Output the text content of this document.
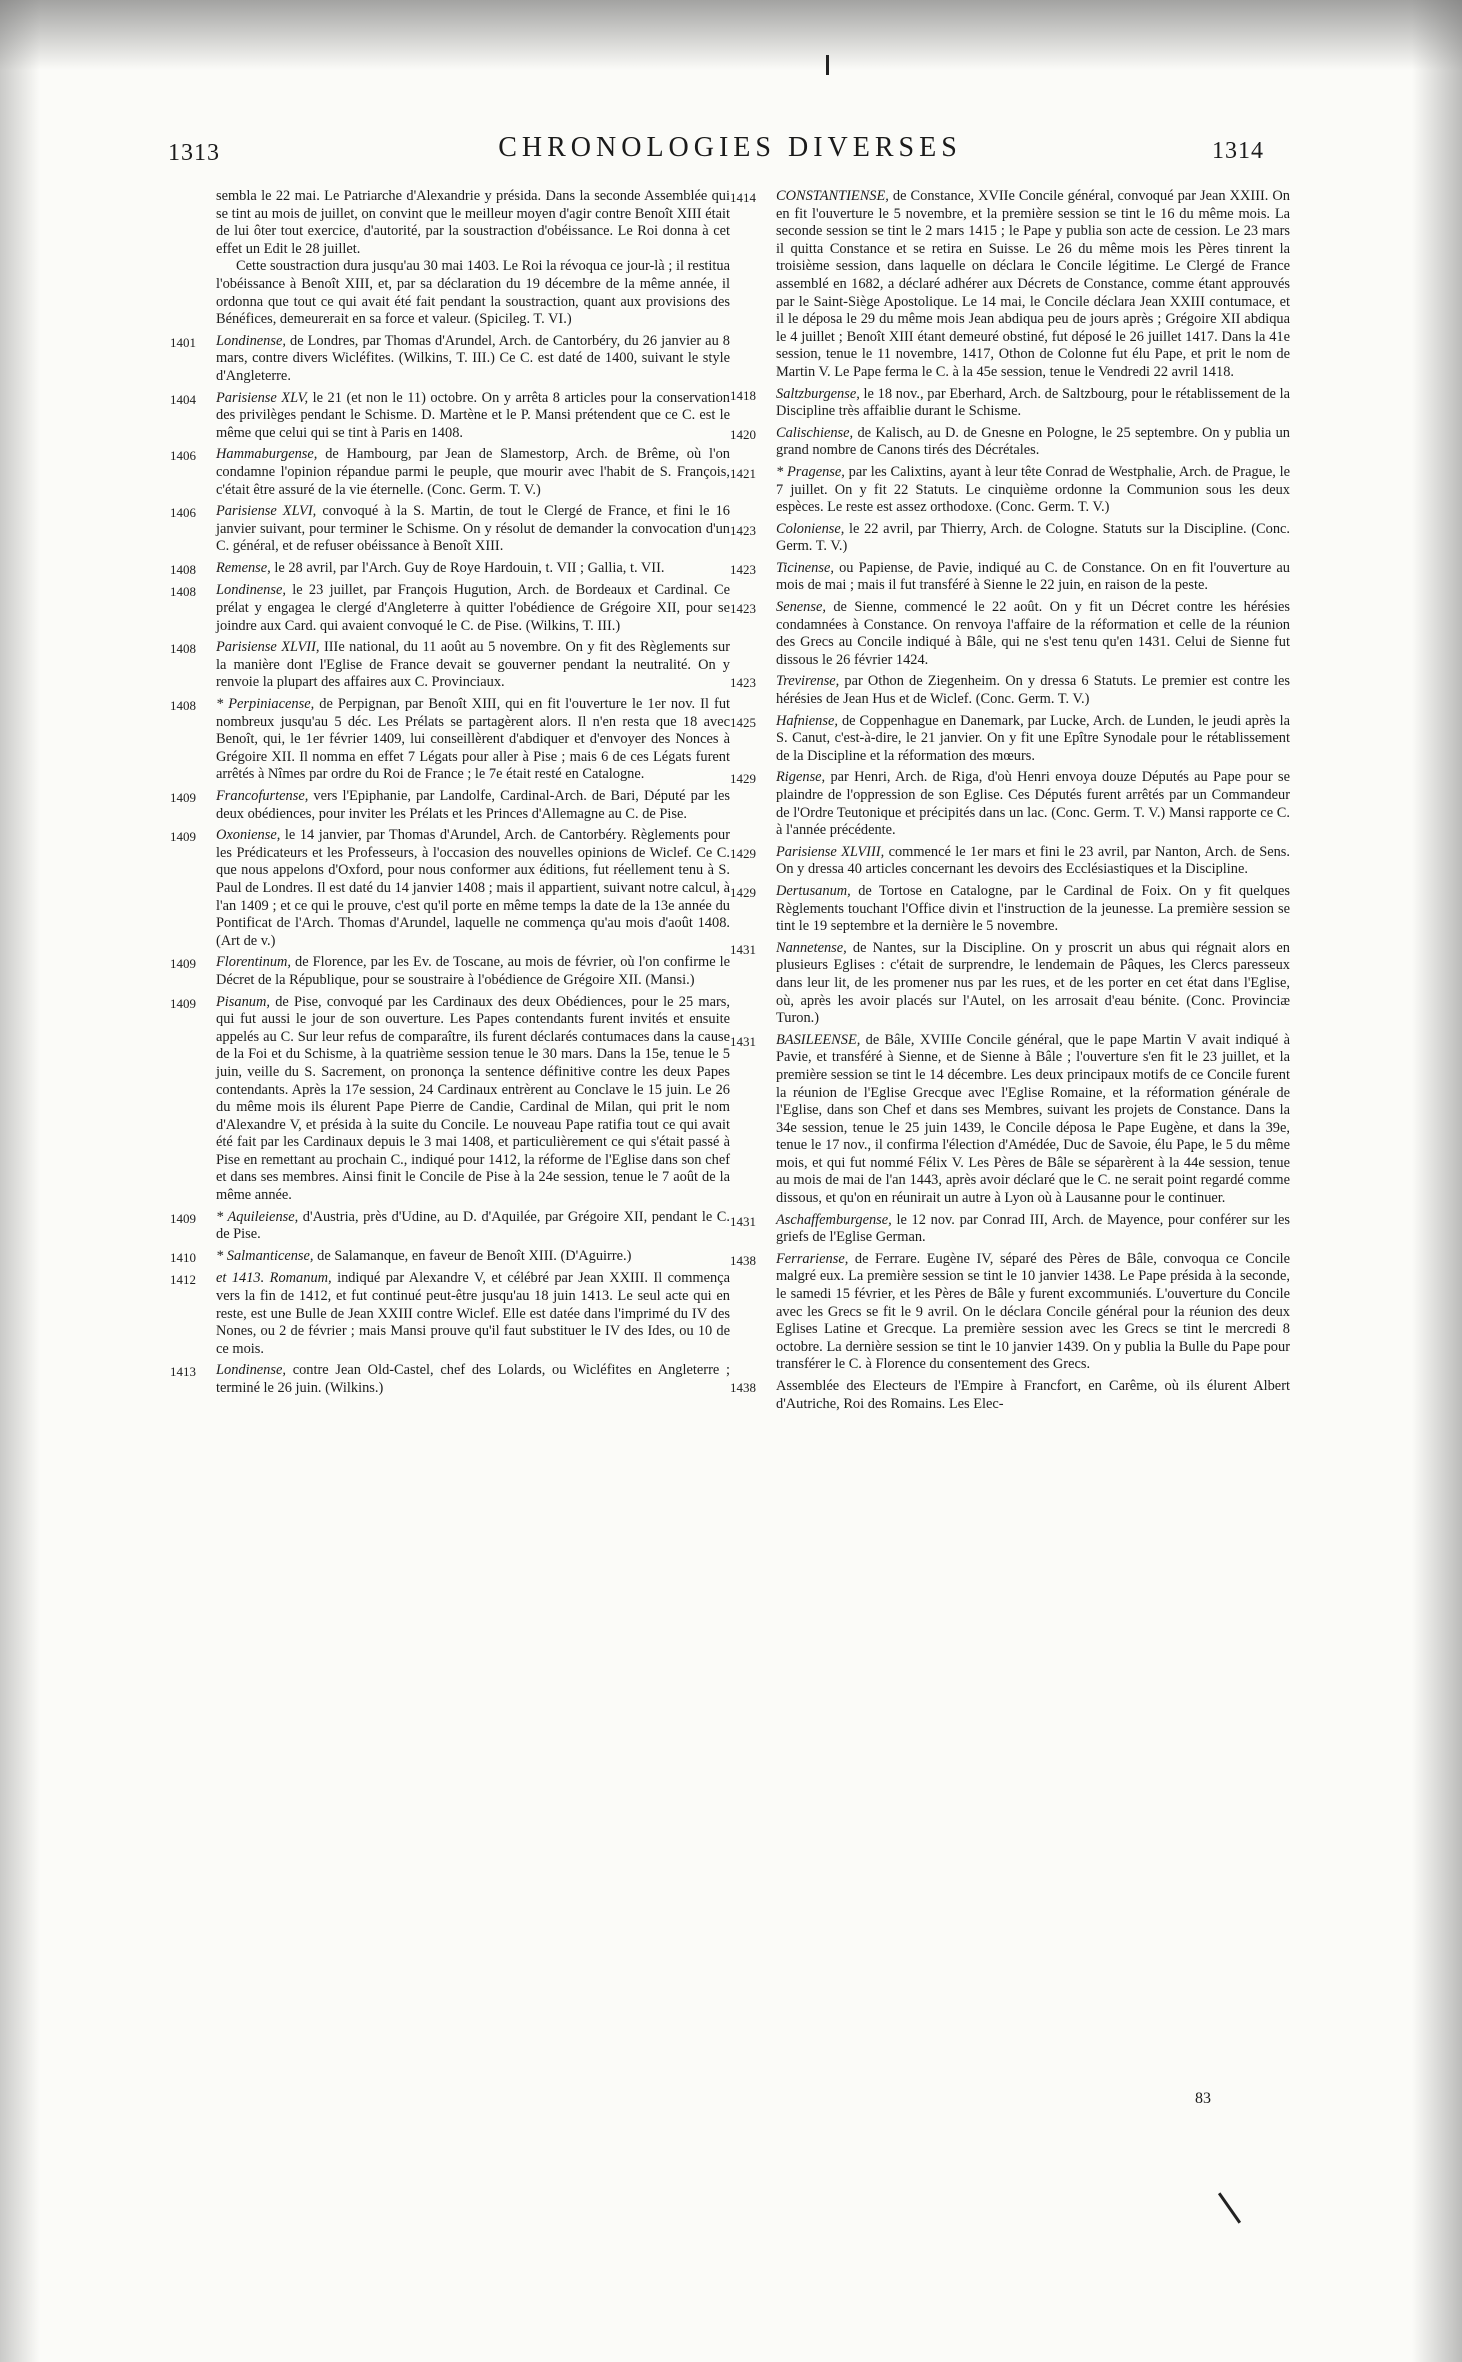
1313	CHRONOLOGIES DIVERSES	1314

sembla le 22 mai. Le Patriarche d'Alexandrie y présida. Dans la seconde Assemblée qui se tint au mois de juillet, on convint que le meilleur moyen d'agir contre Benoît XIII était de lui ôter tout exercice, d'autorité, par la soustraction d'obéissance. Le Roi donna à cet effet un Edit le 28 juillet.

Cette soustraction dura jusqu'au 30 mai 1403. Le Roi la révoqua ce jour-là ; il restitua l'obéissance à Benoît XIII, et, par sa déclaration du 19 décembre de la même année, il ordonna que tout ce qui avait été fait pendant la soustraction, quant aux provisions des Bénéfices, demeurerait en sa force et valeur. (Spicileg. T. VI.)

1401	Londinense, de Londres, par Thomas d'Arundel, Arch. de Cantorbéry, du 26 janvier au 8 mars, contre divers Wicléfites. (Wilkins, T. III.) Ce C. est daté de 1400, suivant le style d'Angleterre.
1404	Parisiense XLV, le 21 (et non le 11) octobre. On y arrêta 8 articles pour la conservation des privilèges pendant le Schisme. D. Martène et le P. Mansi prétendent que ce C. est le même que celui qui se tint à Paris en 1408.
1406	Hammaburgense, de Hambourg, par Jean de Slamestorp, Arch. de Brême, où l'on condamne l'opinion répandue parmi le peuple, que mourir avec l'habit de S. François, c'était être assuré de la vie éternelle. (Conc. Germ. T. V.)
1406	Parisiense XLVI, convoqué à la S. Martin, de tout le Clergé de France, et fini le 16 janvier suivant, pour terminer le Schisme. On y résolut de demander la convocation d'un C. général, et de refuser obéissance à Benoît XIII.
1408	Remense, le 28 avril, par l'Arch. Guy de Roye Hardouin, t. VII ; Gallia, t. VII.
1408	Londinense, le 23 juillet, par François Hugution, Arch. de Bordeaux et Cardinal. Ce prélat y engagea le clergé d'Angleterre à quitter l'obédience de Grégoire XII, pour se joindre aux Card. qui avaient convoqué le C. de Pise. (Wilkins, T. III.)
1408	Parisiense XLVII, IIIe national, du 11 août au 5 novembre. On y fit des Règlements sur la manière dont l'Eglise de France devait se gouverner pendant la neutralité. On y renvoie la plupart des affaires aux C. Provinciaux.
1408	* Perpiniacense, de Perpignan, par Benoît XIII, qui en fit l'ouverture le 1er nov. Il fut nombreux jusqu'au 5 déc. Les Prélats se partagèrent alors. Il n'en resta que 18 avec Benoît, qui, le 1er février 1409, lui conseillèrent d'abdiquer et d'envoyer des Nonces à Grégoire XII. Il nomma en effet 7 Légats pour aller à Pise ; mais 6 de ces Légats furent arrêtés à Nîmes par ordre du Roi de France ; le 7e était resté en Catalogne.
1409	Francofurtense, vers l'Epiphanie, par Landolfe, Cardinal-Arch. de Bari, Député par les deux obédiences, pour inviter les Prélats et les Princes d'Allemagne au C. de Pise.
1409	Oxoniense, le 14 janvier, par Thomas d'Arundel, Arch. de Cantorbéry. Règlements pour les Prédicateurs et les Professeurs, à l'occasion des nouvelles opinions de Wiclef. Ce C. que nous appelons d'Oxford, pour nous conformer aux éditions, fut réellement tenu à S. Paul de Londres. Il est daté du 14 janvier 1408 ; mais il appartient, suivant notre calcul, à l'an 1409 ; et ce qui le prouve, c'est qu'il porte en même temps la date de la 13e année du Pontificat de l'Arch. Thomas d'Arundel, laquelle ne commença qu'au mois d'août 1408. (Art de v.)
1409	Florentinum, de Florence, par les Ev. de Toscane, au mois de février, où l'on confirme le Décret de la République, pour se soustraire à l'obédience de Grégoire XII. (Mansi.)
1409	Pisanum, de Pise, convoqué par les Cardinaux des deux Obédiences, pour le 25 mars, qui fut aussi le jour de son ouverture. Les Papes contendants furent invités et ensuite appelés au C. Sur leur refus de comparaître, ils furent déclarés contumaces dans la cause de la Foi et du Schisme, à la quatrième session tenue le 30 mars. Dans la 15e, tenue le 5 juin, veille du S. Sacrement, on prononça la sentence définitive contre les deux Papes contendants. Après la 17e session, 24 Cardinaux entrèrent au Conclave le 15 juin. Le 26 du même mois ils élurent Pape Pierre de Candie, Cardinal de Milan, qui prit le nom d'Alexandre V, et présida à la suite du Concile. Le nouveau Pape ratifia tout ce qui avait été fait par les Cardinaux depuis le 3 mai 1408, et particulièrement ce qui s'était passé à Pise en remettant au prochain C., indiqué pour 1412, la réforme de l'Eglise dans son chef et dans ses membres. Ainsi finit le Concile de Pise à la 24e session, tenue le 7 août de la même année.
1409	* Aquileiense, d'Austria, près d'Udine, au D. d'Aquilée, par Grégoire XII, pendant le C. de Pise.
1410	* Salmanticense, de Salamanque, en faveur de Benoît XIII. (D'Aguirre.)
1412	et 1413. Romanum, indiqué par Alexandre V, et célébré par Jean XXIII. Il commença vers la fin de 1412, et fut continué peut-être jusqu'au 18 juin 1413. Le seul acte qui en reste, est une Bulle de Jean XXIII contre Wiclef. Elle est datée dans l'imprimé du IV des Nones, ou 2 de février ; mais Mansi prouve qu'il faut substituer le IV des Ides, ou 10 de ce mois.
1413	Londinense, contre Jean Old-Castel, chef des Lolards, ou Wicléfites en Angleterre ; terminé le 26 juin. (Wilkins.)
1414	CONSTANTIENSE, de Constance, XVIIe Concile général, convoqué par Jean XXIII. On en fit l'ouverture le 5 novembre, et la première session se tint le 16 du même mois. La seconde session se tint le 2 mars 1415 ; le Pape y publia son acte de cession. Le 23 mars il quitta Constance et se retira en Suisse. Le 26 du même mois les Pères tinrent la troisième session, dans laquelle on déclara le Concile légitime. Le Clergé de France assemblé en 1682, a déclaré adhérer aux Décrets de Constance, comme étant approuvés par le Saint-Siège Apostolique. Le 14 mai, le Concile déclara Jean XXIII contumace, et il le déposa le 29 du même mois Jean abdiqua peu de jours après ; Grégoire XII abdiqua le 4 juillet ; Benoît XIII étant demeuré obstiné, fut déposé le 26 juillet 1417. Dans la 41e session, tenue le 11 novembre, 1417, Othon de Colonne fut élu Pape, et prit le nom de Martin V. Le Pape ferma le C. à la 45e session, tenue le Vendredi 22 avril 1418.
1418	Saltzburgense, le 18 nov., par Eberhard, Arch. de Saltzbourg, pour le rétablissement de la Discipline très affaiblie durant le Schisme.
1420	Calischiense, de Kalisch, au D. de Gnesne en Pologne, le 25 septembre. On y publia un grand nombre de Canons tirés des Décrétales.
1421	* Pragense, par les Calixtins, ayant à leur tête Conrad de Westphalie, Arch. de Prague, le 7 juillet. On y fit 22 Statuts. Le cinquième ordonne la Communion sous les deux espèces. Le reste est assez orthodoxe. (Conc. Germ. T. V.)
1423	Coloniense, le 22 avril, par Thierry, Arch. de Cologne. Statuts sur la Discipline. (Conc. Germ. T. V.)
1423	Ticinense, ou Papiense, de Pavie, indiqué au C. de Constance. On en fit l'ouverture au mois de mai ; mais il fut transféré à Sienne le 22 juin, en raison de la peste.
1423	Senense, de Sienne, commencé le 22 août. On y fit un Décret contre les hérésies condamnées à Constance. On renvoya l'affaire de la réformation et celle de la réunion des Grecs au Concile indiqué à Bâle, qui ne s'est tenu qu'en 1431. Celui de Sienne fut dissous le 26 février 1424.
1423	Trevirense, par Othon de Ziegenheim. On y dressa 6 Statuts. Le premier est contre les hérésies de Jean Hus et de Wiclef. (Conc. Germ. T. V.)
1425	Hafniense, de Coppenhague en Danemark, par Lucke, Arch. de Lunden, le jeudi après la S. Canut, c'est-à-dire, le 21 janvier. On y fit une Epître Synodale pour le rétablissement de la Discipline et la réformation des mœurs.
1429	Rigense, par Henri, Arch. de Riga, d'où Henri envoya douze Députés au Pape pour se plaindre de l'oppression de son Eglise. Ces Députés furent arrêtés par un Commandeur de l'Ordre Teutonique et précipités dans un lac. (Conc. Germ. T. V.) Mansi rapporte ce C. à l'année précédente.
1429	Parisiense XLVIII, commencé le 1er mars et fini le 23 avril, par Nanton, Arch. de Sens. On y dressa 40 articles concernant les devoirs des Ecclésiastiques et la Discipline.
1429	Dertusanum, de Tortose en Catalogne, par le Cardinal de Foix. On y fit quelques Règlements touchant l'Office divin et l'instruction de la jeunesse. La première session se tint le 19 septembre et la dernière le 5 novembre.
1431	Nannetense, de Nantes, sur la Discipline. On y proscrit un abus qui régnait alors en plusieurs Eglises : c'était de surprendre, le lendemain de Pâques, les Clercs paresseux dans leur lit, de les promener nus par les rues, et de les porter en cet état dans l'Eglise, où, après les avoir placés sur l'Autel, on les arrosait d'eau bénite. (Conc. Provinciæ Turon.)
1431	BASILEENSE, de Bâle, XVIIIe Concile général, que le pape Martin V avait indiqué à Pavie, et transféré à Sienne, et de Sienne à Bâle ; l'ouverture s'en fit le 23 juillet, et la première session se tint le 14 décembre. Les deux principaux motifs de ce Concile furent la réunion de l'Eglise Grecque avec l'Eglise Romaine, et la réformation générale de l'Eglise, dans son Chef et dans ses Membres, suivant les projets de Constance. Dans la 34e session, tenue le 25 juin 1439, le Concile déposa le Pape Eugène, et dans la 39e, tenue le 17 nov., il confirma l'élection d'Amédée, Duc de Savoie, élu Pape, le 5 du même mois, et qui fut nommé Félix V. Les Pères de Bâle se séparèrent à la 44e session, tenue au mois de mai de l'an 1443, après avoir déclaré que le C. ne serait point regardé comme dissous, et qu'on en réunirait un autre à Lyon où à Lausanne pour le continuer.
1431	Aschaffemburgense, le 12 nov. par Conrad III, Arch. de Mayence, pour conférer sur les griefs de l'Eglise German.
1438	Ferrariense, de Ferrare. Eugène IV, séparé des Pères de Bâle, convoqua ce Concile malgré eux. La première session se tint le 10 janvier 1438. Le Pape présida à la seconde, le samedi 15 février, et les Pères de Bâle y furent excommuniés. L'ouverture du Concile avec les Grecs se fit le 9 avril. On le déclara Concile général pour la réunion des deux Eglises Latine et Grecque. La première session avec les Grecs se tint le mercredi 8 octobre. La dernière session se tint le 10 janvier 1439. On y publia la Bulle du Pape pour transférer le C. à Florence du consentement des Grecs.
1438	Assemblée des Electeurs de l'Empire à Francfort, en Carême, où ils élurent Albert d'Autriche, Roi des Romains. Les Elec-
83
